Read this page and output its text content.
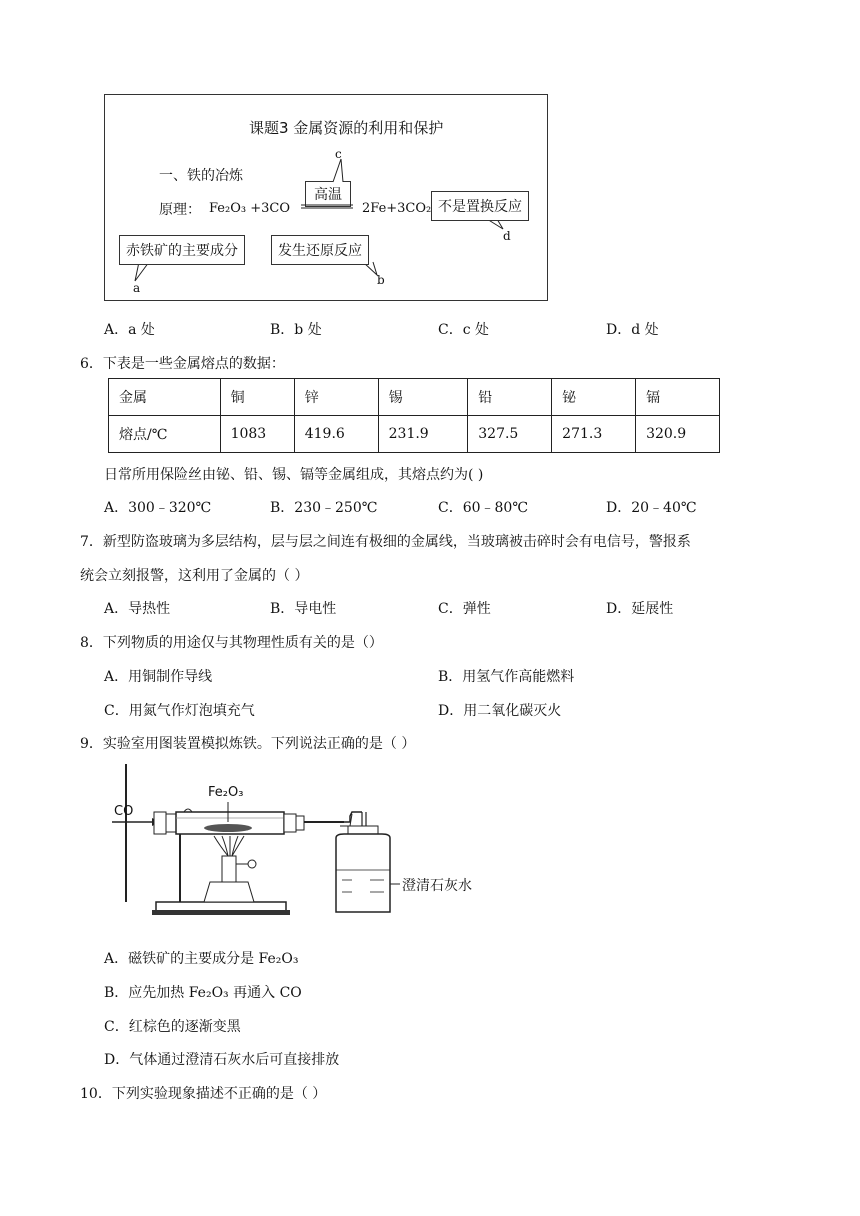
课题3 金属资源的利用和保护
一、铁的冶炼
原理： Fe₂O₃ +3CO
高温
c
2Fe+3CO₂ 不是置换反应
d
赤铁矿的主要成分
a
发生还原反应
b
A．a 处	B．b 处	C．c 处	D．d 处
6．下表是一些金属熔点的数据：
金属	铜	锌	锡	铅	铋	镉
熔点/℃	1083	419.6	231.9	327.5	271.3	320.9
日常所用保险丝由铋、铅、锡、镉等金属组成，其熔点约为( )
A．300﹣320℃	B．230﹣250℃	C．60﹣80℃	D．20﹣40℃
7．新型防盗玻璃为多层结构，层与层之间连有极细的金属线，当玻璃被击碎时会有电信号，警报系
统会立刻报警，这利用了金属的（ ）
A．导热性	B．导电性	C．弹性	D．延展性
8．下列物质的用途仅与其物理性质有关的是（）
A．用铜制作导线	B．用氢气作高能燃料
C．用氮气作灯泡填充气	D．用二氧化碳灭火
9．实验室用图装置模拟炼铁。下列说法正确的是（ ）
CO
Fe₂O₃
澄清石灰水
A．磁铁矿的主要成分是 Fe₂O₃
B．应先加热 Fe₂O₃ 再通入 CO
C．红棕色的逐渐变黑
D．气体通过澄清石灰水后可直接排放
10．下列实验现象描述不正确的是（ ）
